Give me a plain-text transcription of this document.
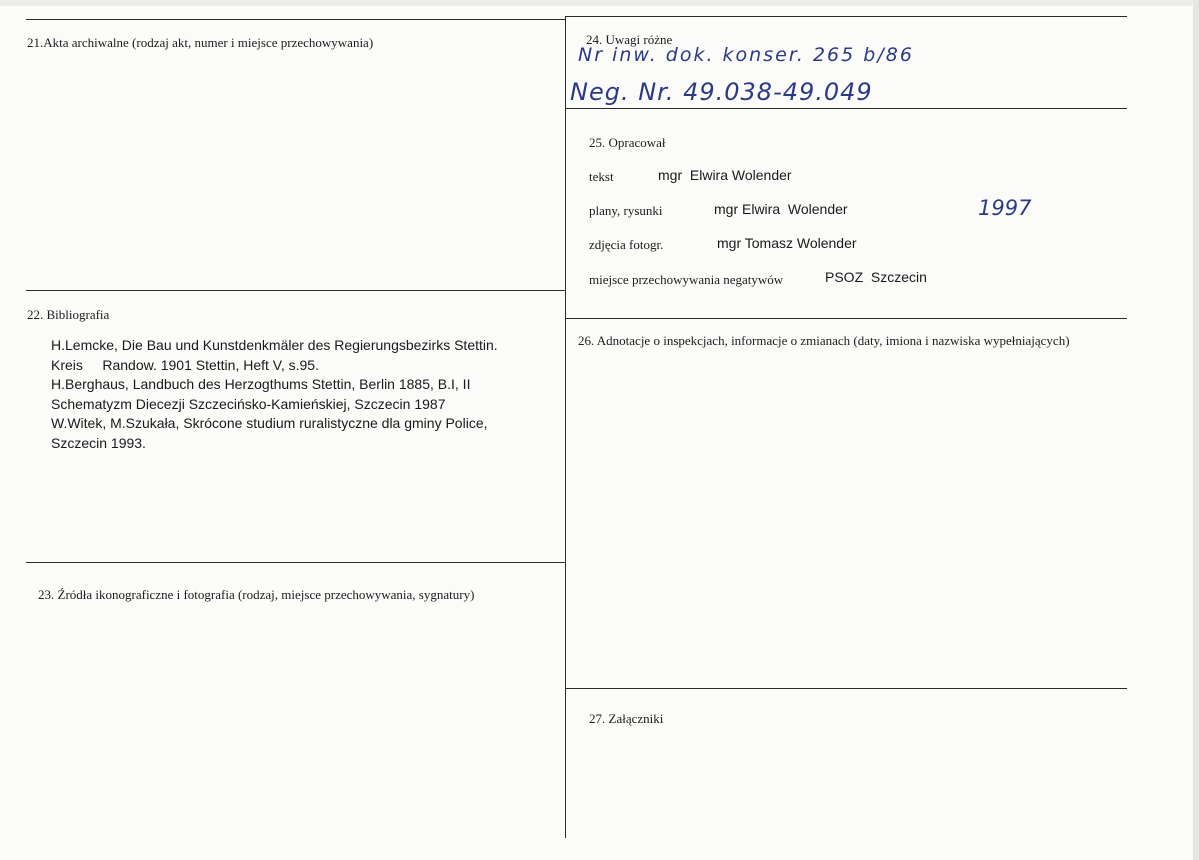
21.Akta archiwalne (rodzaj akt, numer i miejsce przechowywania)
22. Bibliografia
H.Lemcke, Die Bau und Kunstdenkmäler des Regierungsbezirks Stettin.
Kreis     Randow. 1901 Stettin, Heft V, s.95.
H.Berghaus, Landbuch des Herzogthums Stettin, Berlin 1885, B.I, II
Schematyzm Diecezji Szczecińsko-Kamieńskiej, Szczecin 1987
W.Witek, M.Szukała, Skrócone studium ruralistyczne dla gminy Police,
Szczecin 1993.
23. Źródła ikonograficzne i fotografia (rodzaj, miejsce przechowywania, sygnatury)
24. Uwagi różne
Nr inw. dok. konser. 265 b/86
Neg. Nr. 49.038-49.049
25. Opracował
tekst	mgr  Elwira Wolender
plany, rysunki	mgr Elwira  Wolender	1997
zdjęcia fotogr.	mgr Tomasz Wolender
miejsce przechowywania negatywów	PSOZ  Szczecin
26. Adnotacje o inspekcjach, informacje o zmianach (daty, imiona i nazwiska wypełniających)
27. Załączniki
